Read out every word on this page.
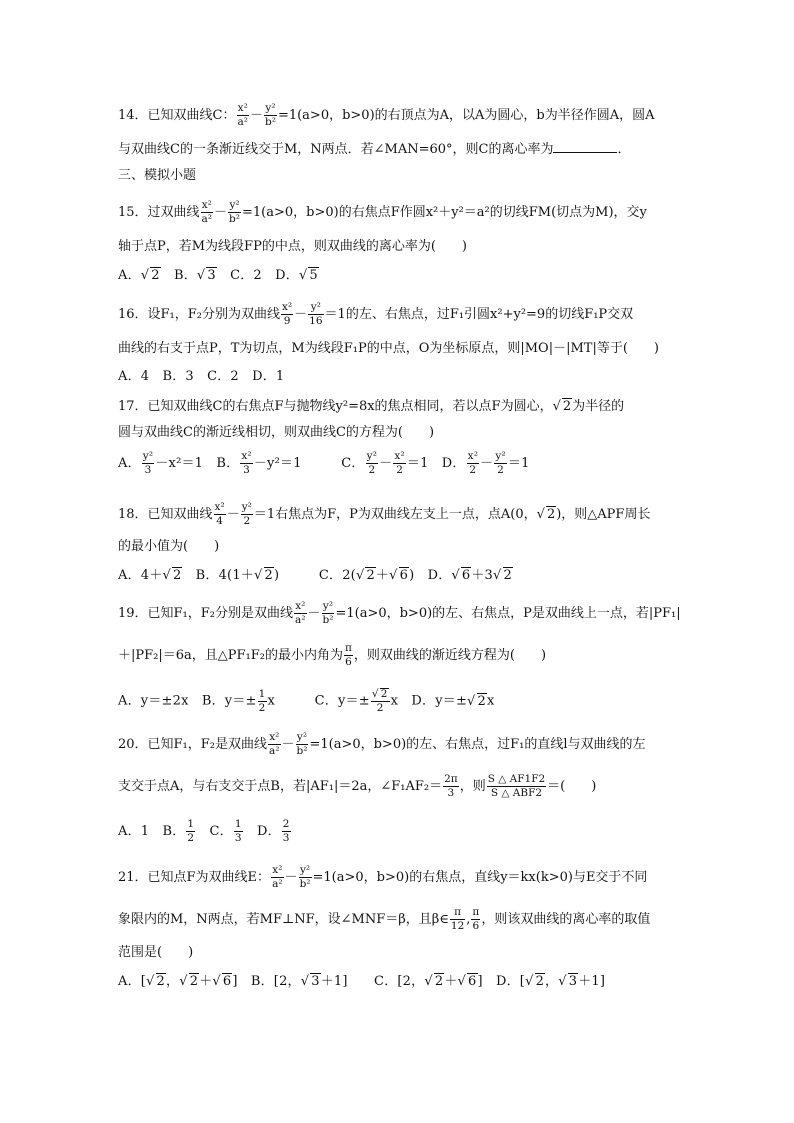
14．已知双曲线C： $\frac{\text{x²}}{\text{a²}} - \frac{\text{y²}}{\text{b²}} =1(a>0$，b>0)的右顶点为A，以A为圆心，b为半径作圆A，圆A
与双曲线C的一条渐近线交于M，N两点．若∠MAN=60°，则C的离心率为	．
三、模拟小题
15．过双曲线 $\frac{\text{x²}}{\text{a²}} - \frac{\text{y²}}{\text{b²}} =1(a>0$，b>0)的右焦点F作圆x²＋y²＝a²的切线FM(切点为M)，交y
轴于点P，若M为线段FP的中点，则双曲线的离心率为(　　)
A．√ 2　B．√ 3　C．2　D．√ 5
16．设F₁，F₂分别为双曲线 $\frac{\text{x²}}{9} - \frac{\text{y²}}{16} =1$的左、右焦点，过F₁引圆x²+y²=9的切线F₁P交双
曲线的右支于点P，T为切点，M为线段F₁P的中点，O为坐标原点，则|MO|－|MT|等于(　　)
A．4　B．3　C．2　D．1
17．已知双曲线C的右焦点F与抛物线y²=8x的焦点相同，若以点F为圆心，√ 2为半径的
圆与双曲线C的渐近线相切，则双曲线C的方程为(　　)
A． $\frac{\text{y²}}{3} -x^2=1$　B． $\frac{\text{x²}}{3} -y^2=1$　　　C． $\frac{\text{y²}}{2} - \frac{\text{x²}}{2} =1$　D． $\frac{\text{x²}}{2} - \frac{\text{y²}}{2} =1$
18．已知双曲线 $\frac{\text{x²}}{4} - \frac{\text{y²}}{2} =1$右焦点为F，P为双曲线左支上一点，点A(0，√ 2)，则△APF周长
的最小值为(　　)
A．4＋√ 2　B．4(1＋√ 2)　　　C．2(√ 2＋√ 6)　D．√ 6＋3√ 2
19．已知F₁，F₂分别是双曲线 $\frac{\text{x²}}{\text{a²}} - \frac{\text{y²}}{\text{b²}} =1(a>0$，b>0)的左、右焦点，P是双曲线上一点，若|PF₁|
＋|PF₂|＝6a，且△PF₁F₂的最小内角为 $\frac{\pi}{6}$ ，则双曲线的渐近线方程为(　　)
A．y＝±2x　B．$y=\pm \frac{1}{2}$ x　　　C．$y=\pm \frac{√ 2}{2}$ x　D．y＝±√ 2x
20．已知F₁，F₂是双曲线 $\frac{\text{x²}}{\text{a²}} - \frac{\text{y²}}{\text{b²}} =1(a>0$，b>0)的左、右焦点，过F₁的直线l与双曲线的左
支交于点A，与右支交于点B，若|AF₁|＝2a，∠F₁AF₂＝ $\frac{2\pi}{3}$ ，则 $\frac{S \triangle AF1F2}{\text{S △ ABF2}}$ ＝(　　)
A．1　B． $\frac{1}{2}$ 　C． $\frac{1}{3}$ 　D． $\frac{2}{3}$
21．已知点F为双曲线E： $\frac{\text{x²}}{\text{a²}} - \frac{\text{y²}}{\text{b²}} =1(a>0$，b>0)的右焦点，直线y＝kx(k>0)与E交于不同
象限内的M，N两点，若MF⊥NF，设∠MNF＝β，且β∈ $\frac{\pi}{12}$ , $\frac{\pi}{6}$ ，则该双曲线的离心率的取值
范围是(　　)
A．[√ 2，√ 2＋√ 6]　B．[2，√ 3＋1]　　C．[2，√ 2＋√ 6]　D．[√ 2，√ 3＋1]
